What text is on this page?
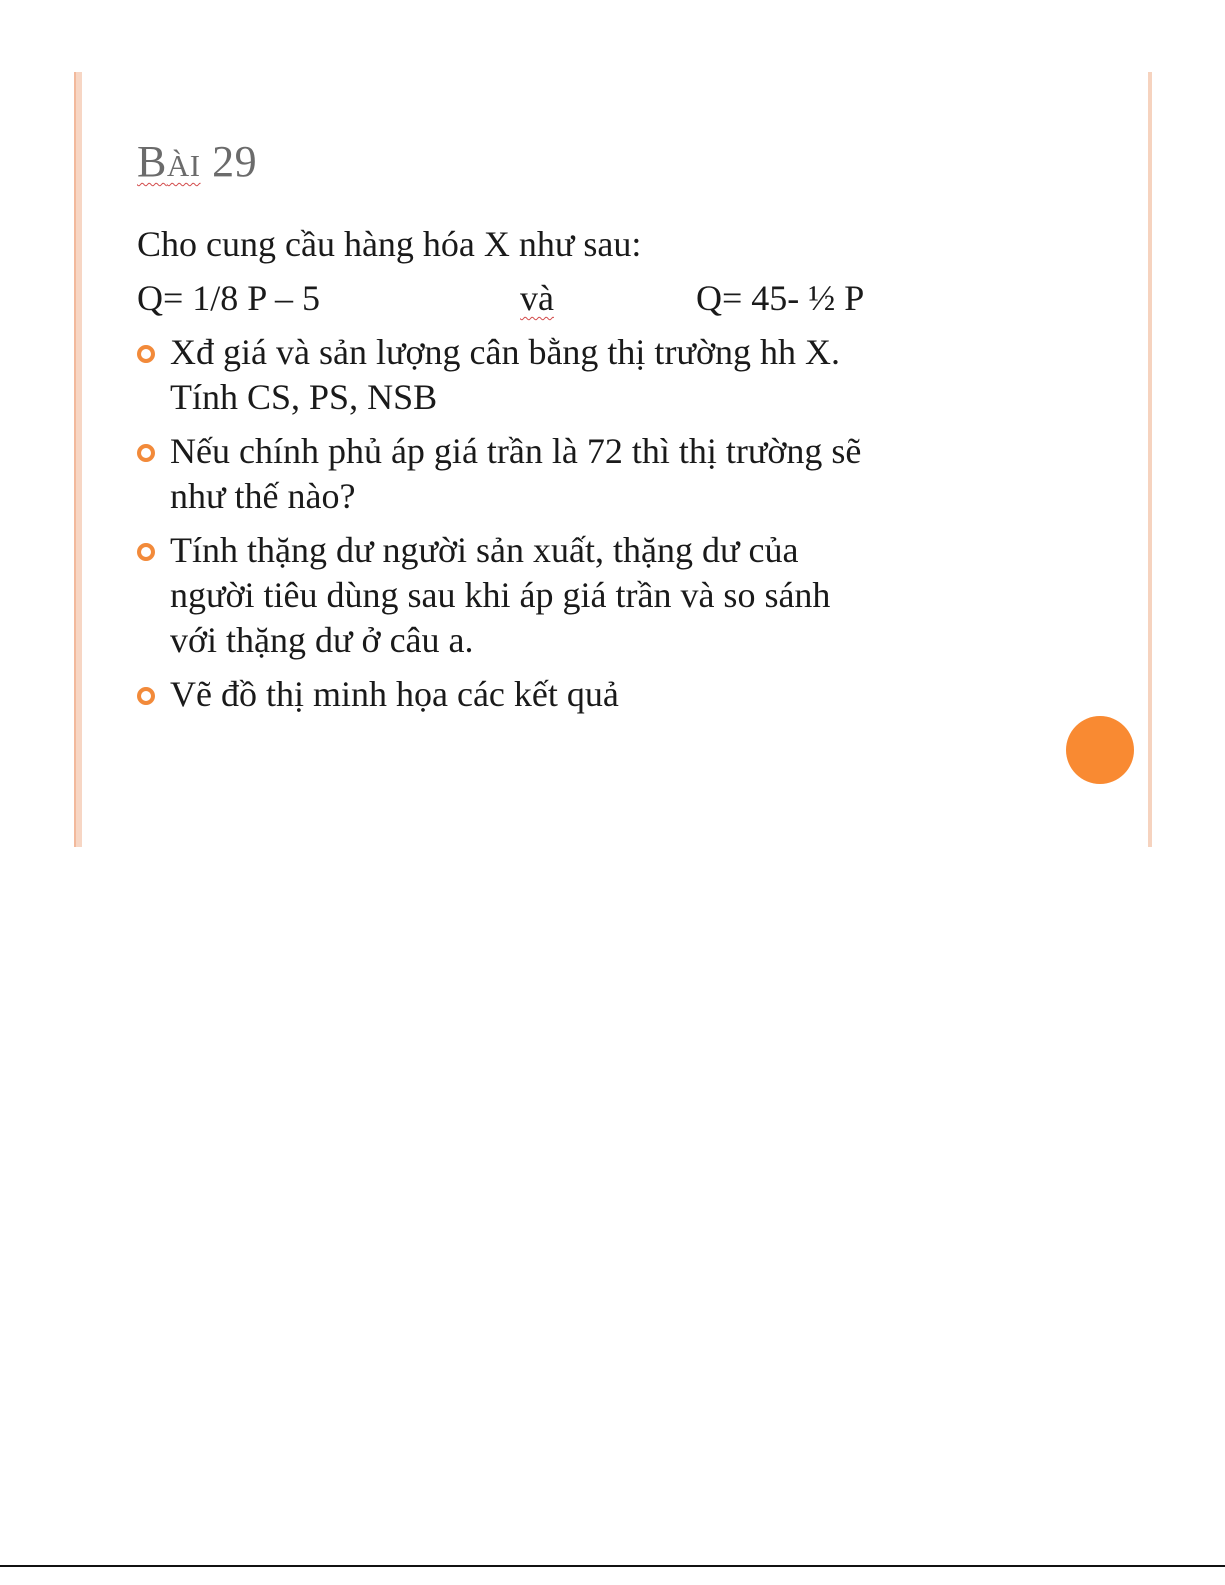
Bài 29
Cho cung cầu hàng hóa X như sau:
Q= 1/8 P – 5	và	Q= 45- ½ P
Xđ giá và sản lượng cân bằng thị trường hh X.
Tính CS, PS, NSB
Nếu chính phủ áp giá trần là 72 thì thị trường sẽ
như thế nào?
Tính thặng dư người sản xuất, thặng dư của
người tiêu dùng sau khi áp giá trần và so sánh
với thặng dư ở câu a.
Vẽ đồ thị minh họa các kết quả
